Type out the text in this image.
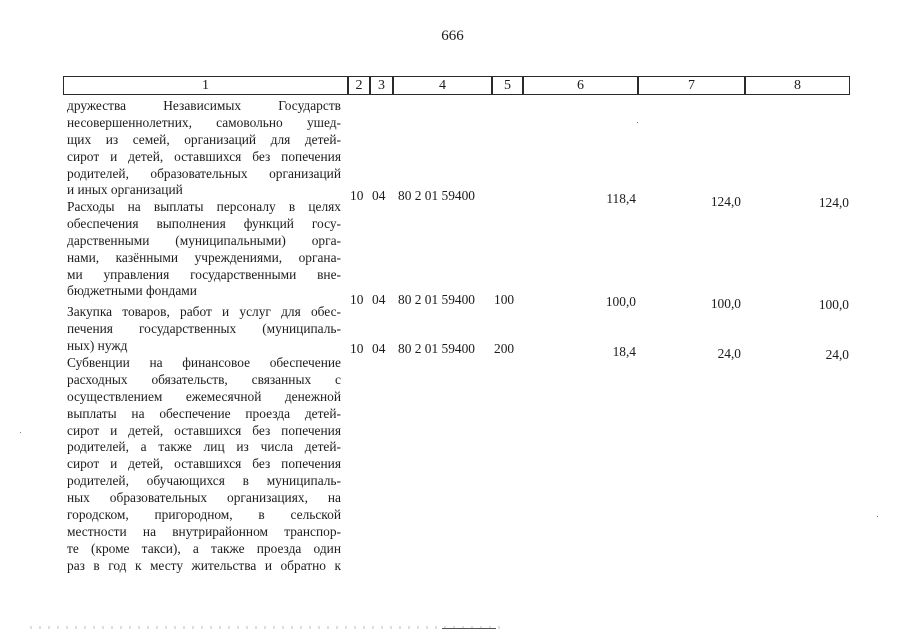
666
1	2	3	4	5	6	7	8
дружества Независимых Государств
несовершеннолетних, самовольно ушед-
щих из семей, организаций для детей-
сирот и детей, оставшихся без попечения
родителей, образовательных организаций
и иных организаций	10 04 80 2 01 59400	118,4	124,0	124,0
Расходы на выплаты персоналу в целях
обеспечения выполнения функций госу-
дарственными (муниципальными) орга-
нами, казёнными учреждениями, органа-
ми управления государственными вне-
бюджетными фондами
10 04 80 2 01 59400 100	100,0	100,0	100,0
Закупка товаров, работ и услуг для обес-
печения государственных (муниципаль-
ных) нужд	10 04 80 2 01 59400 200	18,4	24,0	24,0
Субвенции на финансовое обеспечение
расходных обязательств, связанных с
осуществлением ежемесячной денежной
выплаты на обеспечение проезда детей-
сирот и детей, оставшихся без попечения
родителей, а также лиц из числа детей-
сирот и детей, оставшихся без попечения
родителей, обучающихся в муниципаль-
ных образовательных организациях, на
городском, пригородном, в сельской
местности на внутрирайонном транспор-
те (кроме такси), а также проезда один
раз в год к месту жительства и обратно к
